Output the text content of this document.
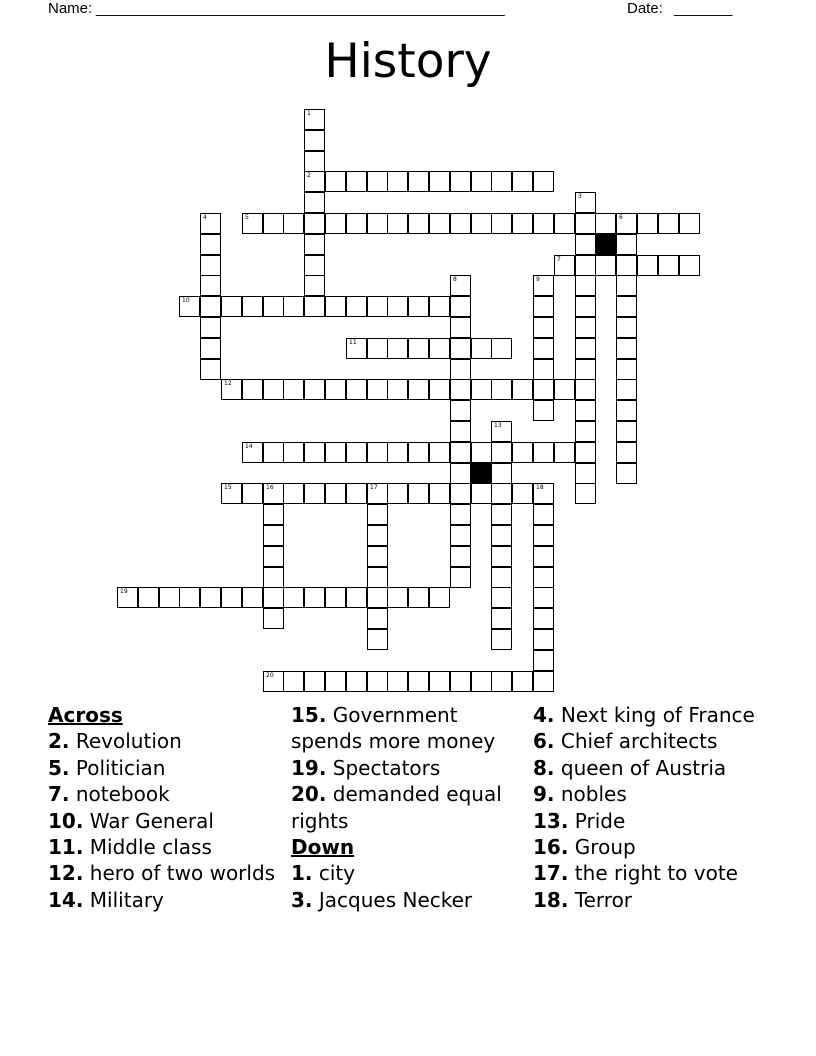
Name: _________________________________________________	Date: _______
History
1
2
3
4	5	6
7
8	9
10
11
12
13
14
15	16	17	18
19
20
Across
2. Revolution
5. Politician
7. notebook
10. War General
11. Middle class
12. hero of two worlds
14. Military
15. Government spends more money
19. Spectators
20. demanded equal rights
Down
1. city
3. Jacques Necker
4. Next king of France
6. Chief architects
8. queen of Austria
9. nobles
13. Pride
16. Group
17. the right to vote
18. Terror
